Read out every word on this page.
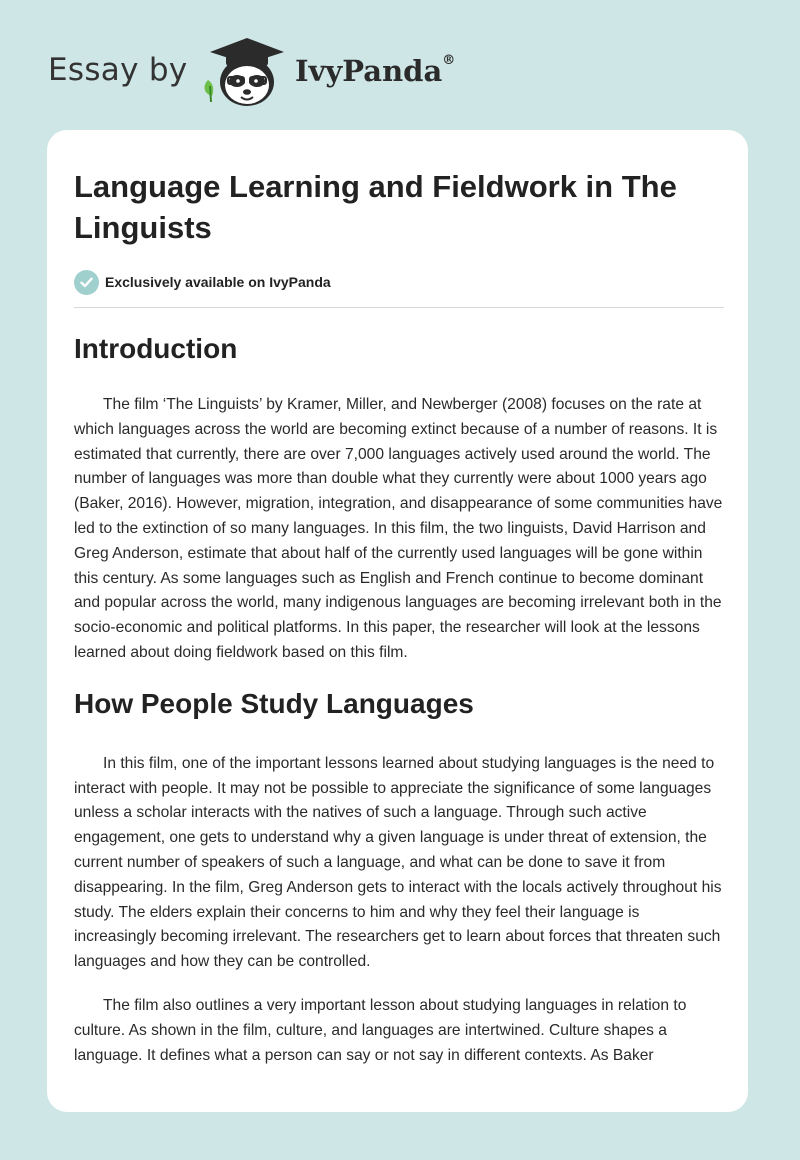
Essay by	IvyPanda®
Language Learning and Fieldwork in The Linguists
Exclusively available on IvyPanda
Introduction

The film ‘The Linguists’ by Kramer, Miller, and Newberger (2008) focuses on the rate at which languages across the world are becoming extinct because of a number of reasons. It is estimated that currently, there are over 7,000 languages actively used around the world. The number of languages was more than double what they currently were about 1000 years ago (Baker, 2016). However, migration, integration, and disappearance of some communities have led to the extinction of so many languages. In this film, the two linguists, David Harrison and Greg Anderson, estimate that about half of the currently used languages will be gone within this century. As some languages such as English and French continue to become dominant and popular across the world, many indigenous languages are becoming irrelevant both in the socio-economic and political platforms. In this paper, the researcher will look at the lessons learned about doing fieldwork based on this film.

How People Study Languages

In this film, one of the important lessons learned about studying languages is the need to interact with people. It may not be possible to appreciate the significance of some languages unless a scholar interacts with the natives of such a language. Through such active engagement, one gets to understand why a given language is under threat of extension, the current number of speakers of such a language, and what can be done to save it from disappearing. In the film, Greg Anderson gets to interact with the locals actively throughout his study. The elders explain their concerns to him and why they feel their language is increasingly becoming irrelevant. The researchers get to learn about forces that threaten such languages and how they can be controlled.

The film also outlines a very important lesson about studying languages in relation to culture. As shown in the film, culture, and languages are intertwined. Culture shapes a language. It defines what a person can say or not say in different contexts. As Baker
